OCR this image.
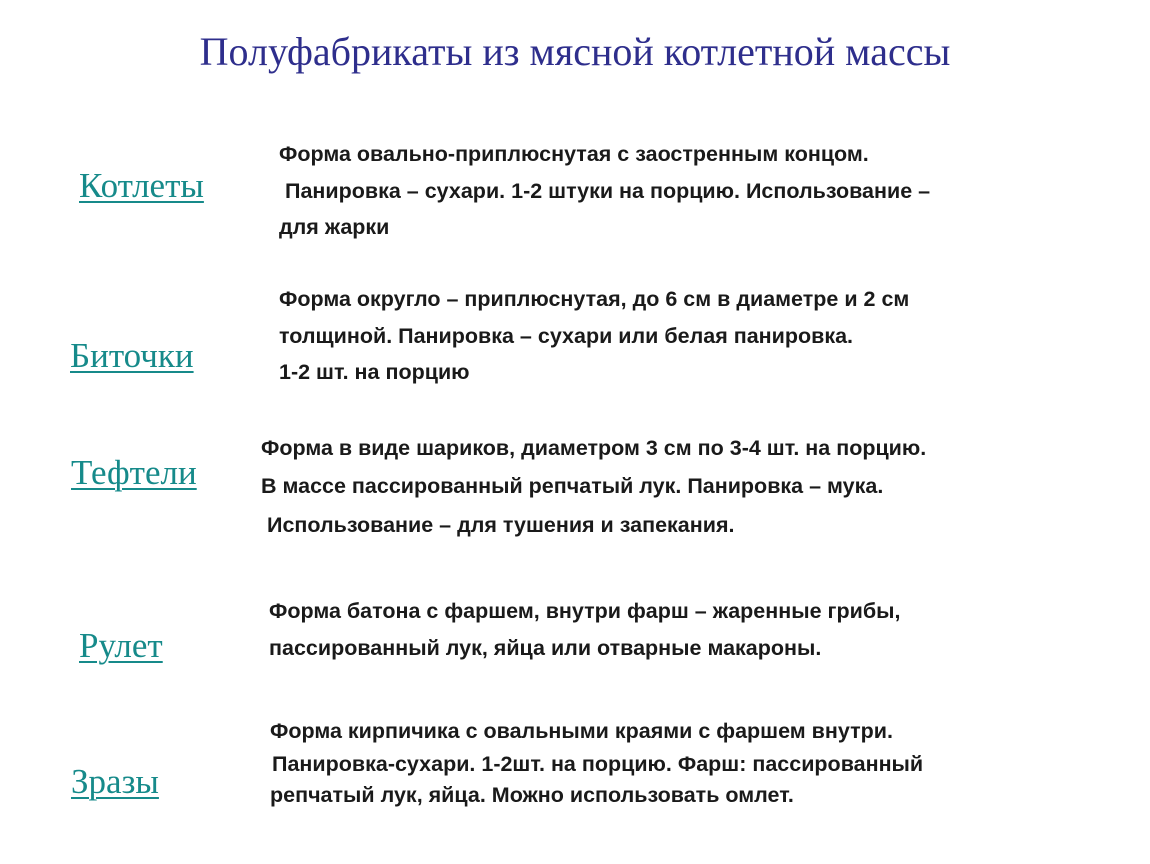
Полуфабрикаты из мясной котлетной массы
Котлеты
Форма овально-приплюснутая с заостренным концом.
Панировка – сухари. 1-2 штуки на порцию. Использование –
для жарки
Биточки
Форма округло – приплюснутая, до 6 см в диаметре и 2 см
толщиной. Панировка – сухари или белая панировка.
1-2 шт. на порцию
Тефтели
Форма в виде шариков, диаметром 3 см по 3-4 шт. на порцию.
В массе пассированный репчатый лук. Панировка – мука.
Использование – для тушения и запекания.
Рулет
Форма батона с фаршем, внутри фарш – жаренные грибы,
пассированный лук, яйца или отварные макароны.
Зразы
Форма кирпичика с овальными краями с фаршем внутри.
Панировка-сухари. 1-2шт. на порцию. Фарш: пассированный
репчатый лук, яйца. Можно использовать омлет.
